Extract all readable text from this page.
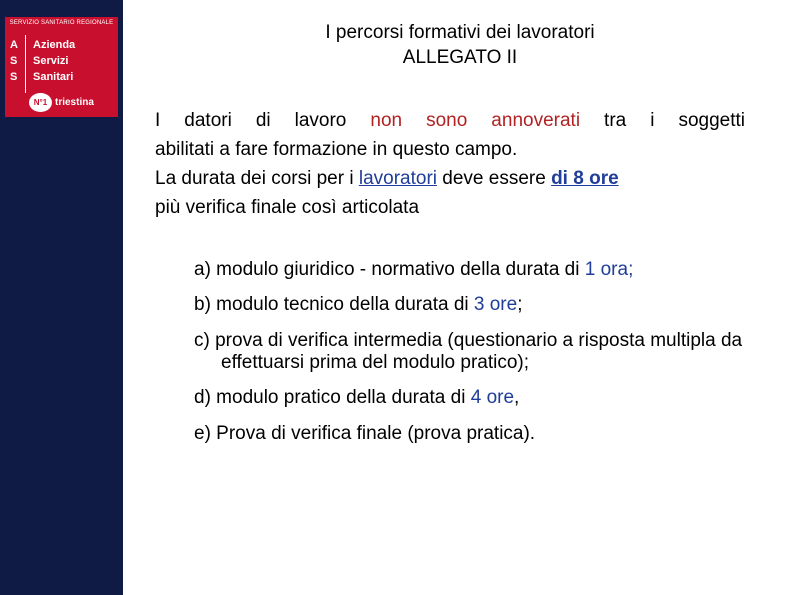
SERVIZIO SANITARIO REGIONALE
A
S
S
Azienda
Servizi
Sanitari
N°1 triestina
I percorsi formativi dei lavoratori
ALLEGATO II
I datori di lavoro non sono annoverati tra i soggetti
abilitati a fare formazione in questo campo.
La durata dei corsi per i lavoratori deve essere di 8 ore
più verifica finale così articolata
a) modulo giuridico - normativo della durata di 1 ora;
b) modulo tecnico della durata di 3 ore;
c) prova di verifica intermedia (questionario a risposta multipla da effettuarsi prima del modulo pratico);
d) modulo pratico della durata di 4 ore,
e) Prova di verifica finale (prova pratica).
